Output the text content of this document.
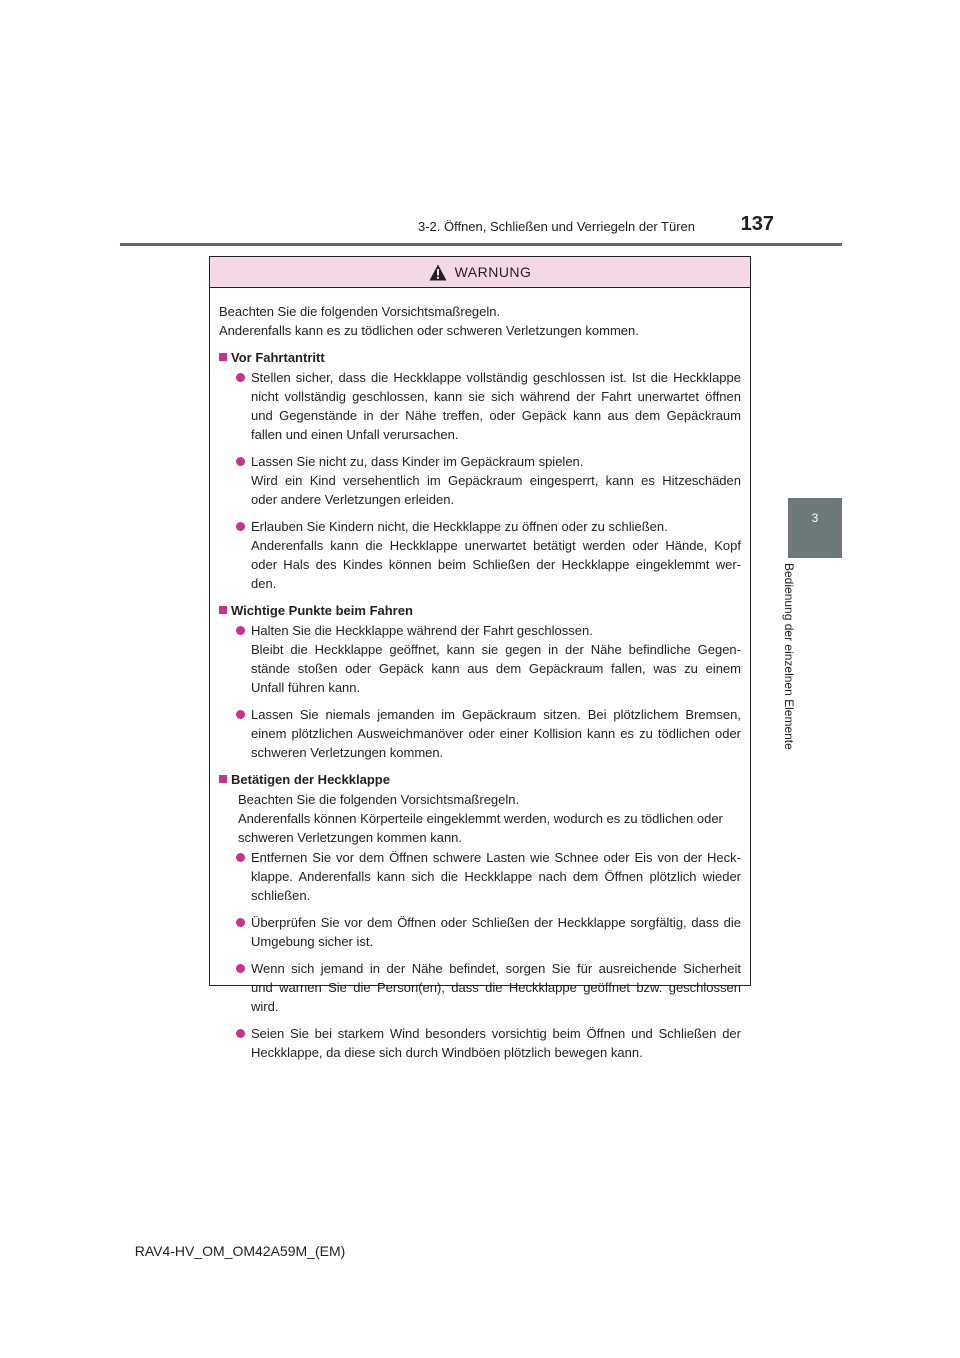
3-2. Öffnen, Schließen und Verriegeln der Türen	137
3
Bedienung der einzelnen Elemente
WARNUNG
Beachten Sie die folgenden Vorsichtsmaßregeln.
Anderenfalls kann es zu tödlichen oder schweren Verletzungen kommen.
Vor Fahrtantritt
Stellen sicher, dass die Heckklappe vollständig geschlossen ist. Ist die Heckklappe
nicht vollständig geschlossen, kann sie sich während der Fahrt unerwartet öffnen
und Gegenstände in der Nähe treffen, oder Gepäck kann aus dem Gepäckraum
fallen und einen Unfall verursachen.
Lassen Sie nicht zu, dass Kinder im Gepäckraum spielen.
Wird ein Kind versehentlich im Gepäckraum eingesperrt, kann es Hitzeschäden
oder andere Verletzungen erleiden.
Erlauben Sie Kindern nicht, die Heckklappe zu öffnen oder zu schließen.
Anderenfalls kann die Heckklappe unerwartet betätigt werden oder Hände, Kopf
oder Hals des Kindes können beim Schließen der Heckklappe eingeklemmt wer-
den.
Wichtige Punkte beim Fahren
Halten Sie die Heckklappe während der Fahrt geschlossen.
Bleibt die Heckklappe geöffnet, kann sie gegen in der Nähe befindliche Gegen-
stände stoßen oder Gepäck kann aus dem Gepäckraum fallen, was zu einem
Unfall führen kann.
Lassen Sie niemals jemanden im Gepäckraum sitzen. Bei plötzlichem Bremsen,
einem plötzlichen Ausweichmanöver oder einer Kollision kann es zu tödlichen oder
schweren Verletzungen kommen.
Betätigen der Heckklappe
Beachten Sie die folgenden Vorsichtsmaßregeln.
Anderenfalls können Körperteile eingeklemmt werden, wodurch es zu tödlichen oder
schweren Verletzungen kommen kann.
Entfernen Sie vor dem Öffnen schwere Lasten wie Schnee oder Eis von der Heck-
klappe. Anderenfalls kann sich die Heckklappe nach dem Öffnen plötzlich wieder
schließen.
Überprüfen Sie vor dem Öffnen oder Schließen der Heckklappe sorgfältig, dass die
Umgebung sicher ist.
Wenn sich jemand in der Nähe befindet, sorgen Sie für ausreichende Sicherheit
und warnen Sie die Person(en), dass die Heckklappe geöffnet bzw. geschlossen
wird.
Seien Sie bei starkem Wind besonders vorsichtig beim Öffnen und Schließen der
Heckklappe, da diese sich durch Windböen plötzlich bewegen kann.
RAV4-HV_OM_OM42A59M_(EM)
